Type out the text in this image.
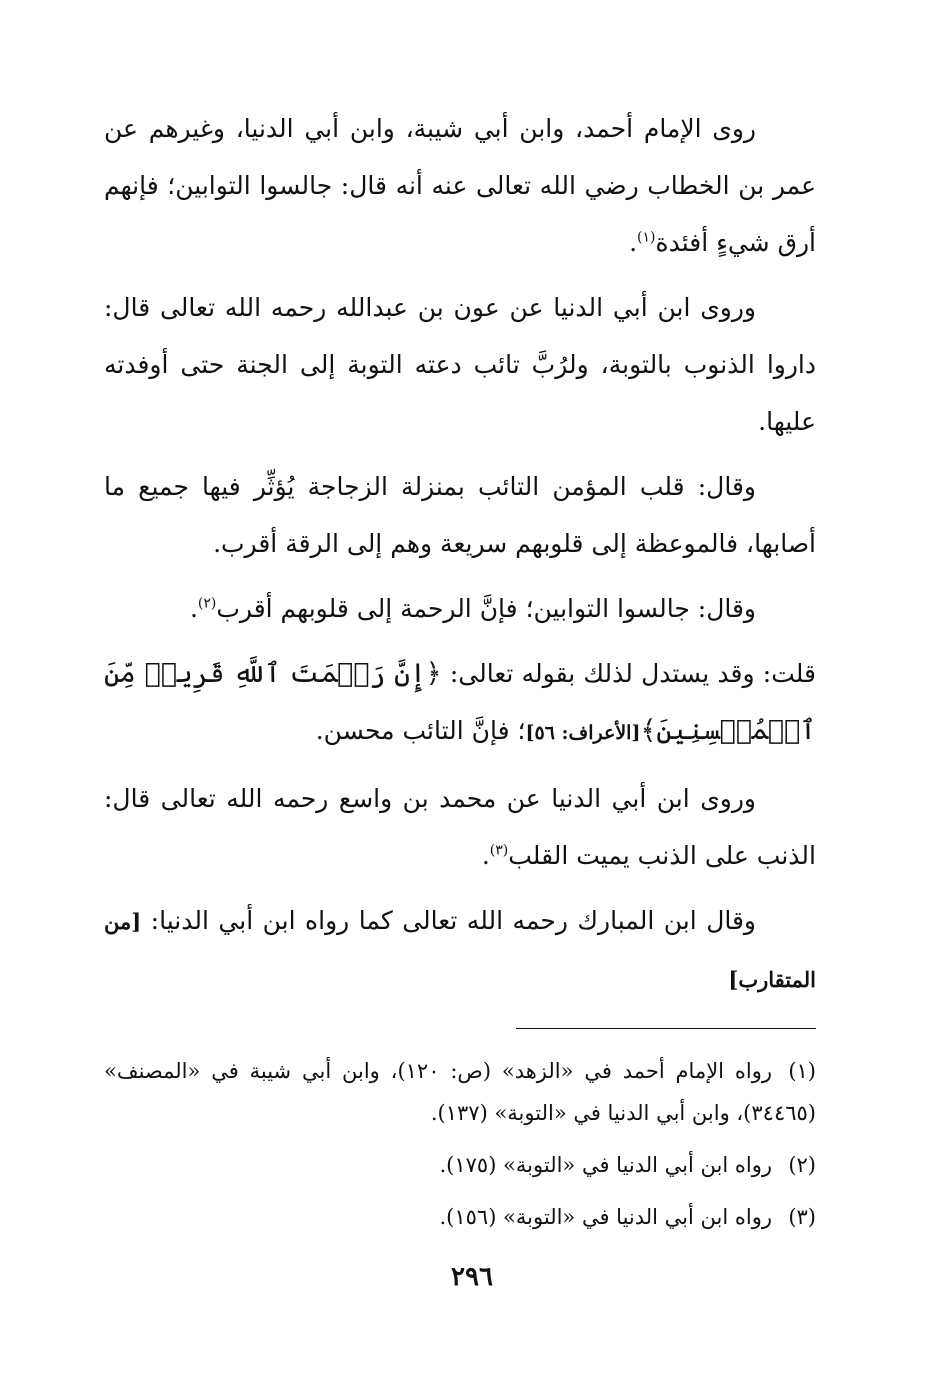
روى الإمام أحمد، وابن أبي شيبة، وابن أبي الدنيا، وغيرهم عن عمر بن الخطاب رضي الله تعالى عنه أنه قال: جالسوا التوابين؛ فإنهم أرق شيءٍ أفئدة$^{(١)}$.

وروى ابن أبي الدنيا عن عون بن عبدالله رحمه الله تعالى قال: داروا الذنوب بالتوبة، ولرُبَّ تائب دعته التوبة إلى الجنة حتى أوفدته عليها.

وقال: قلب المؤمن التائب بمنزلة الزجاجة يُؤثِّر فيها جميع ما أصابها، فالموعظة إلى قلوبهم سريعة وهم إلى الرقة أقرب.

وقال: جالسوا التوابين؛ فإنَّ الرحمة إلى قلوبهم أقرب$^{(٢)}$.

قلت: وقد يستدل لذلك بقوله تعالى: ﴿إِنَّ رَحۡمَتَ ٱللَّهِ قَرِيبٞ مِّنَ ٱلۡمُحۡسِنِينَ﴾[الأعراف: ٥٦]؛ فإنَّ التائب محسن.

وروى ابن أبي الدنيا عن محمد بن واسع رحمه الله تعالى قال: الذنب على الذنب يميت القلب$^{(٣)}$.

وقال ابن المبارك رحمه الله تعالى كما رواه ابن أبي الدنيا: [من المتقارب]

(١)رواه الإمام أحمد في «الزهد» (ص: ١٢٠)، وابن أبي شيبة في «المصنف» (٣٤٤٦٥)، وابن أبي الدنيا في «التوبة» (١٣٧).

(٢)رواه ابن أبي الدنيا في «التوبة» (١٧٥).

(٣)رواه ابن أبي الدنيا في «التوبة» (١٥٦).

٢٩٦
